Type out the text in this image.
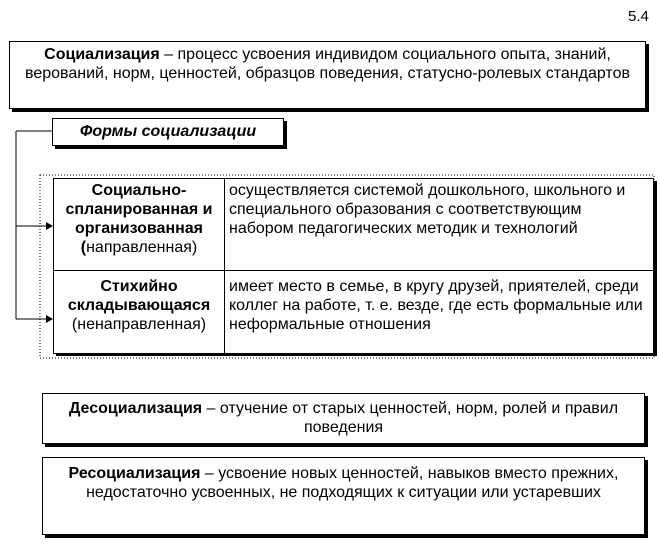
5.4
Социализация – процесс усвоения индивидом социального опыта, знаний, верований, норм, ценностей, образцов поведения, статусно-ролевых стандартов
Формы социализации
Социально-спланированная и организованная (направленная)
осуществляется системой дошкольного, школьного и специального образования с соответствующим набором педагогических методик и технологий
Стихийно складывающаяся
(ненаправленная)
имеет место в семье, в кругу друзей, приятелей, среди коллег на работе, т. е. везде, где есть формальные или неформальные отношения
Десоциализация – отучение от старых ценностей, норм, ролей и правил поведения
Ресоциализация – усвоение новых ценностей, навыков вместо прежних, недостаточно усвоенных, не подходящих к ситуации или устаревших
